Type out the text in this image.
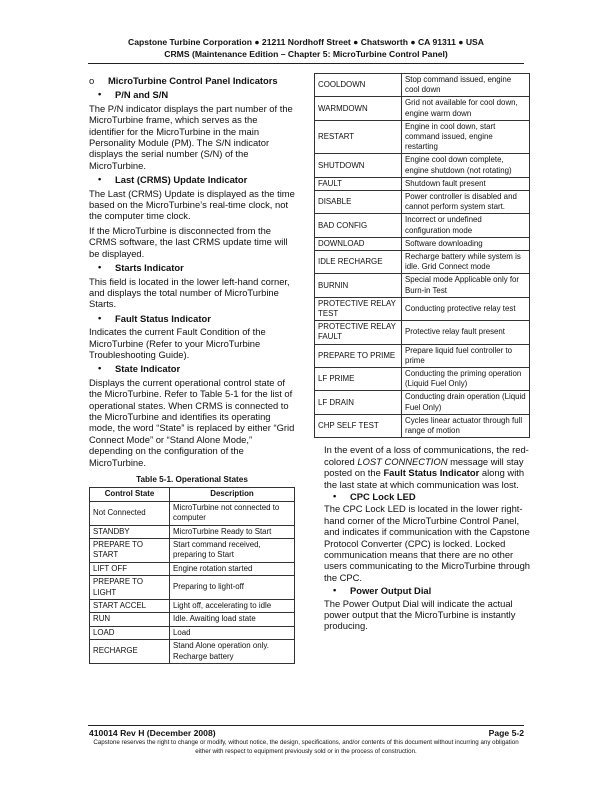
Capstone Turbine Corporation ● 21211 Nordhoff Street ● Chatsworth ● CA 91311 ● USA
CRMS (Maintenance Edition – Chapter 5: MicroTurbine Control Panel)
o MicroTurbine Control Panel Indicators
• P/N and S/N

The P/N indicator displays the part number of the MicroTurbine frame, which serves as the identifier for the MicroTurbine in the main Personality Module (PM). The S/N indicator displays the serial number (S/N) of the MicroTurbine.

• Last (CRMS) Update Indicator

The Last (CRMS) Update is displayed as the time based on the MicroTurbine’s real-time clock, not the computer time clock.

If the MicroTurbine is disconnected from the CRMS software, the last CRMS update time will be displayed.

• Starts Indicator

This field is located in the lower left-hand corner, and displays the total number of MicroTurbine Starts.

• Fault Status Indicator

Indicates the current Fault Condition of the MicroTurbine (Refer to your MicroTurbine Troubleshooting Guide).

• State Indicator

Displays the current operational control state of the MicroTurbine. Refer to Table 5-1 for the list of operational states. When CRMS is connected to the MicroTurbine and identifies its operating mode, the word “State” is replaced by either “Grid Connect Mode” or “Stand Alone Mode,” depending on the configuration of the MicroTurbine.

Table 5-1. Operational States
Control State	Description
Not Connected	MicroTurbine not connected to computer
STANDBY	MicroTurbine Ready to Start
PREPARE TO START	Start command received, preparing to Start
LIFT OFF	Engine rotation started
PREPARE TO LIGHT	Preparing to light-off
START ACCEL	Light off, accelerating to idle
RUN	Idle. Awaiting load state
LOAD	Load
RECHARGE	Stand Alone operation only. Recharge battery
COOLDOWN	Stop command issued, engine cool down
WARMDOWN	Grid not available for cool down, engine warm down
RESTART	Engine in cool down, start command issued, engine restarting
SHUTDOWN	Engine cool down complete, engine shutdown (not rotating)
FAULT	Shutdown fault present
DISABLE	Power controller is disabled and cannot perform system start.
BAD CONFIG	Incorrect or undefined configuration mode
DOWNLOAD	Software downloading
IDLE RECHARGE	Recharge battery while system is idle. Grid Connect mode
BURNIN	Special mode Applicable only for Burn-in Test
PROTECTIVE RELAY TEST	Conducting protective relay test
PROTECTIVE RELAY FAULT	Protective relay fault present
PREPARE TO PRIME	Prepare liquid fuel controller to prime
LF PRIME	Conducting the priming operation (Liquid Fuel Only)
LF DRAIN	Conducting drain operation (Liquid Fuel Only)
CHP SELF TEST	Cycles linear actuator through full range of motion

In the event of a loss of communications, the red-colored LOST CONNECTION message will stay posted on the Fault Status Indicator along with the last state at which communication was lost.

• CPC Lock LED

The CPC Lock LED is located in the lower right-hand corner of the MicroTurbine Control Panel, and indicates if communication with the Capstone Protocol Converter (CPC) is locked. Locked communication means that there are no other users communicating to the MicroTurbine through the CPC.

• Power Output Dial

The Power Output Dial will indicate the actual power output that the MicroTurbine is instantly producing.

410014 Rev H (December 2008)	Page 5-2
Capstone reserves the right to change or modify, without notice, the design, specifications, and/or contents of this document without incurring any obligation either with respect to equipment previously sold or in the process of construction.
